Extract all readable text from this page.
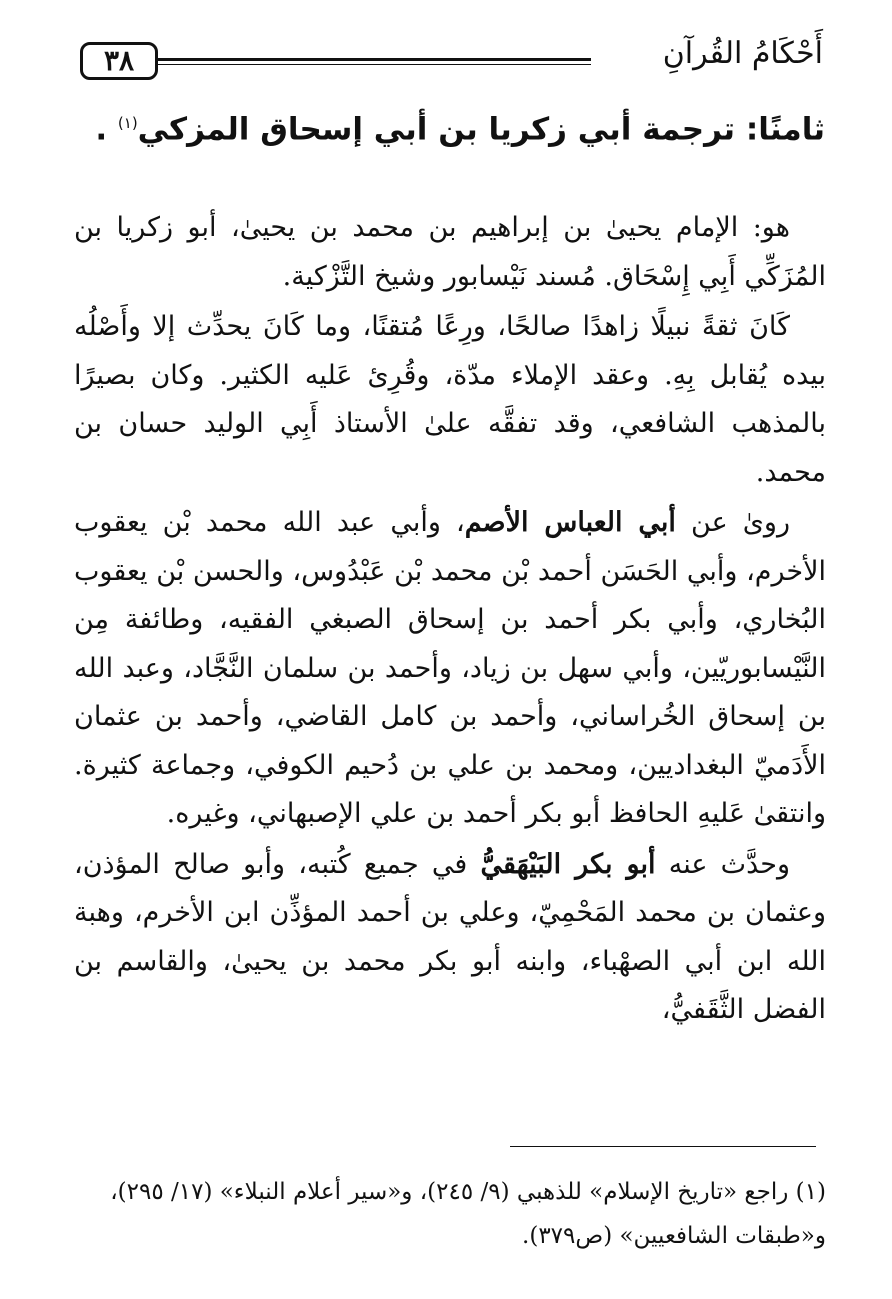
٣٨	أَحْكَامُ القُرآنِ
ثامنًا: ترجمة أبي زكريا بن أبي إسحاق المزكي$^{(١)}$ .

هو: الإمام يحيىٰ بن إبراهيم بن محمد بن يحيىٰ، أبو زكريا بن المُزَكِّي أَبِي إِسْحَاق. مُسند نَيْسابور وشيخ التَّزْكية.

كَانَ ثقةً نبيلًا زاهدًا صالحًا، ورِعًا مُتقنًا، وما كَانَ يحدِّث إلا وأَصْلُه بيده يُقابل بِهِ. وعقد الإملاء مدّة، وقُرِئ عَليه الكثير. وكان بصيرًا بالمذهب الشافعي، وقد تفقَّه علىٰ الأستاذ أَبِي الوليد حسان بن محمد.

روىٰ عن أبي العباس الأصم، وأبي عبد الله محمد بْن يعقوب الأخرم، وأبي الحَسَن أحمد بْن محمد بْن عَبْدُوس، والحسن بْن يعقوب البُخاري، وأبي بكر أحمد بن إسحاق الصبغي الفقيه، وطائفة مِن النَّيْسابوريّين، وأبي سهل بن زياد، وأحمد بن سلمان النَّجَّاد، وعبد الله بن إسحاق الخُراساني، وأحمد بن كامل القاضي، وأحمد بن عثمان الأَدَميّ البغداديين، ومحمد بن علي بن دُحيم الكوفي، وجماعة كثيرة. وانتقىٰ عَليهِ الحافظ أبو بكر أحمد بن علي الإصبهاني، وغيره.

وحدَّث عنه أبو بكر البَيْهَقيُّ في جميع كُتبه، وأبو صالح المؤذن، وعثمان بن محمد المَحْمِيّ، وعلي بن أحمد المؤذِّن ابن الأخرم، وهبة الله ابن أبي الصهْباء، وابنه أبو بكر محمد بن يحيىٰ، والقاسم بن الفضل الثَّقَفيُّ،

(١) راجع «تاريخ الإسلام» للذهبي (٩/ ٢٤٥)، و«سير أعلام النبلاء» (١٧/ ٢٩٥)، و«طبقات الشافعيين» (ص٣٧٩).
